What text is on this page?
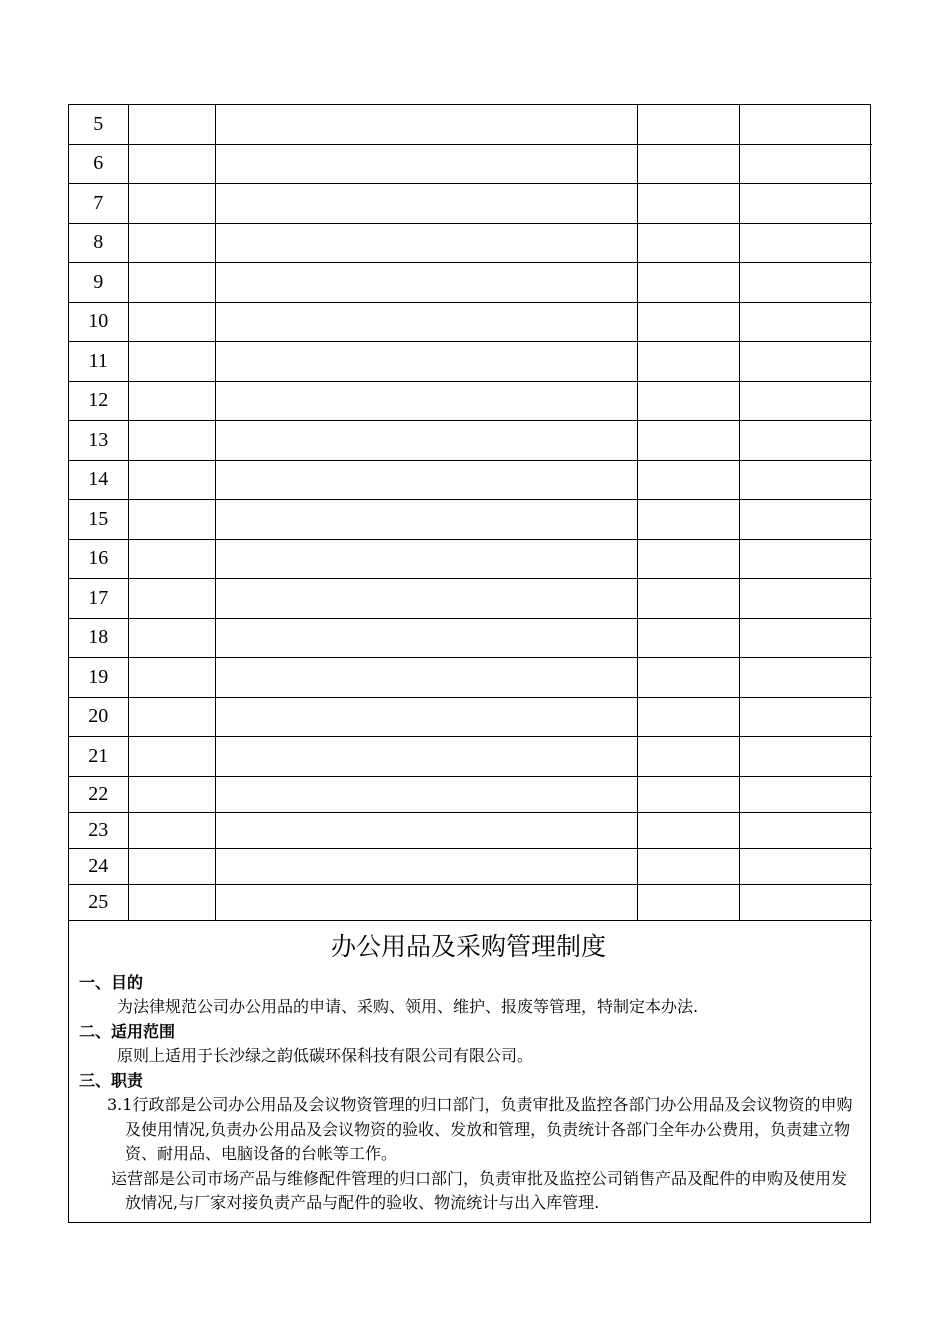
5				
6				
7				
8				
9				
10				
11				
12				
13				
14				
15				
16				
17				
18				
19				
20				
21				
22				
23				
24				
25				
办公用品及采购管理制度
一、目的
为法律规范公司办公用品的申请、采购、领用、维护、报废等管理，特制定本办法.
二、适用范围
原则上适用于长沙绿之韵低碳环保科技有限公司有限公司。
三、职责
3.1行政部是公司办公用品及会议物资管理的归口部门，负责审批及监控各部门办公用品及会议物资的申购及使用情况,负责办公用品及会议物资的验收、发放和管理，负责统计各部门全年办公费用，负责建立物资、耐用品、电脑设备的台帐等工作。
运营部是公司市场产品与维修配件管理的归口部门，负责审批及监控公司销售产品及配件的申购及使用发放情况,与厂家对接负责产品与配件的验收、物流统计与出入库管理.
